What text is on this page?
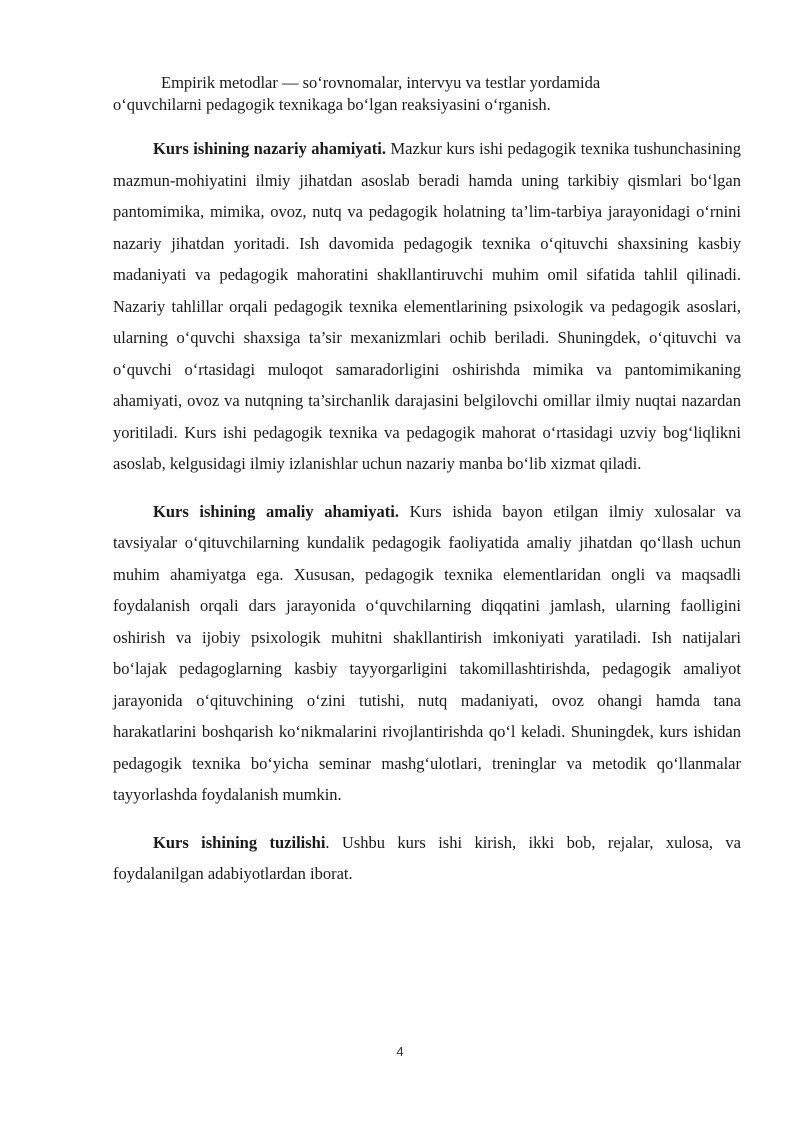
Empirik metodlar — so‘rovnomalar, intervyu va testlar yordamida
o‘quvchilarni pedagogik texnikaga bo‘lgan reaksiyasini o‘rganish.

Kurs ishining nazariy ahamiyati. Mazkur kurs ishi pedagogik texnika tushunchasining mazmun-mohiyatini ilmiy jihatdan asoslab beradi hamda uning tarkibiy qismlari bo‘lgan pantomimika, mimika, ovoz, nutq va pedagogik holatning ta’lim-tarbiya jarayonidagi o‘rnini nazariy jihatdan yoritadi. Ish davomida pedagogik texnika o‘qituvchi shaxsining kasbiy madaniyati va pedagogik mahoratini shakllantiruvchi muhim omil sifatida tahlil qilinadi. Nazariy tahlillar orqali pedagogik texnika elementlarining psixologik va pedagogik asoslari, ularning o‘quvchi shaxsiga ta’sir mexanizmlari ochib beriladi. Shuningdek, o‘qituvchi va o‘quvchi o‘rtasidagi muloqot samaradorligini oshirishda mimika va pantomimikaning ahamiyati, ovoz va nutqning ta’sirchanlik darajasini belgilovchi omillar ilmiy nuqtai nazardan yoritiladi. Kurs ishi pedagogik texnika va pedagogik mahorat o‘rtasidagi uzviy bog‘liqlikni asoslab, kelgusidagi ilmiy izlanishlar uchun nazariy manba bo‘lib xizmat qiladi.

Kurs ishining amaliy ahamiyati. Kurs ishida bayon etilgan ilmiy xulosalar va tavsiyalar o‘qituvchilarning kundalik pedagogik faoliyatida amaliy jihatdan qo‘llash uchun muhim ahamiyatga ega. Xususan, pedagogik texnika elementlaridan ongli va maqsadli foydalanish orqali dars jarayonida o‘quvchilarning diqqatini jamlash, ularning faolligini oshirish va ijobiy psixologik muhitni shakllantirish imkoniyati yaratiladi. Ish natijalari bo‘lajak pedagoglarning kasbiy tayyorgarligini takomillashtirishda, pedagogik amaliyot jarayonida o‘qituvchining o‘zini tutishi, nutq madaniyati, ovoz ohangi hamda tana harakatlarini boshqarish ko‘nikmalarini rivojlantirishda qo‘l keladi. Shuningdek, kurs ishidan pedagogik texnika bo‘yicha seminar mashg‘ulotlari, treninglar va metodik qo‘llanmalar tayyorlashda foydalanish mumkin.

Kurs ishining tuzilishi. Ushbu kurs ishi kirish, ikki bob, rejalar, xulosa, va foydalanilgan adabiyotlardan iborat.

4
